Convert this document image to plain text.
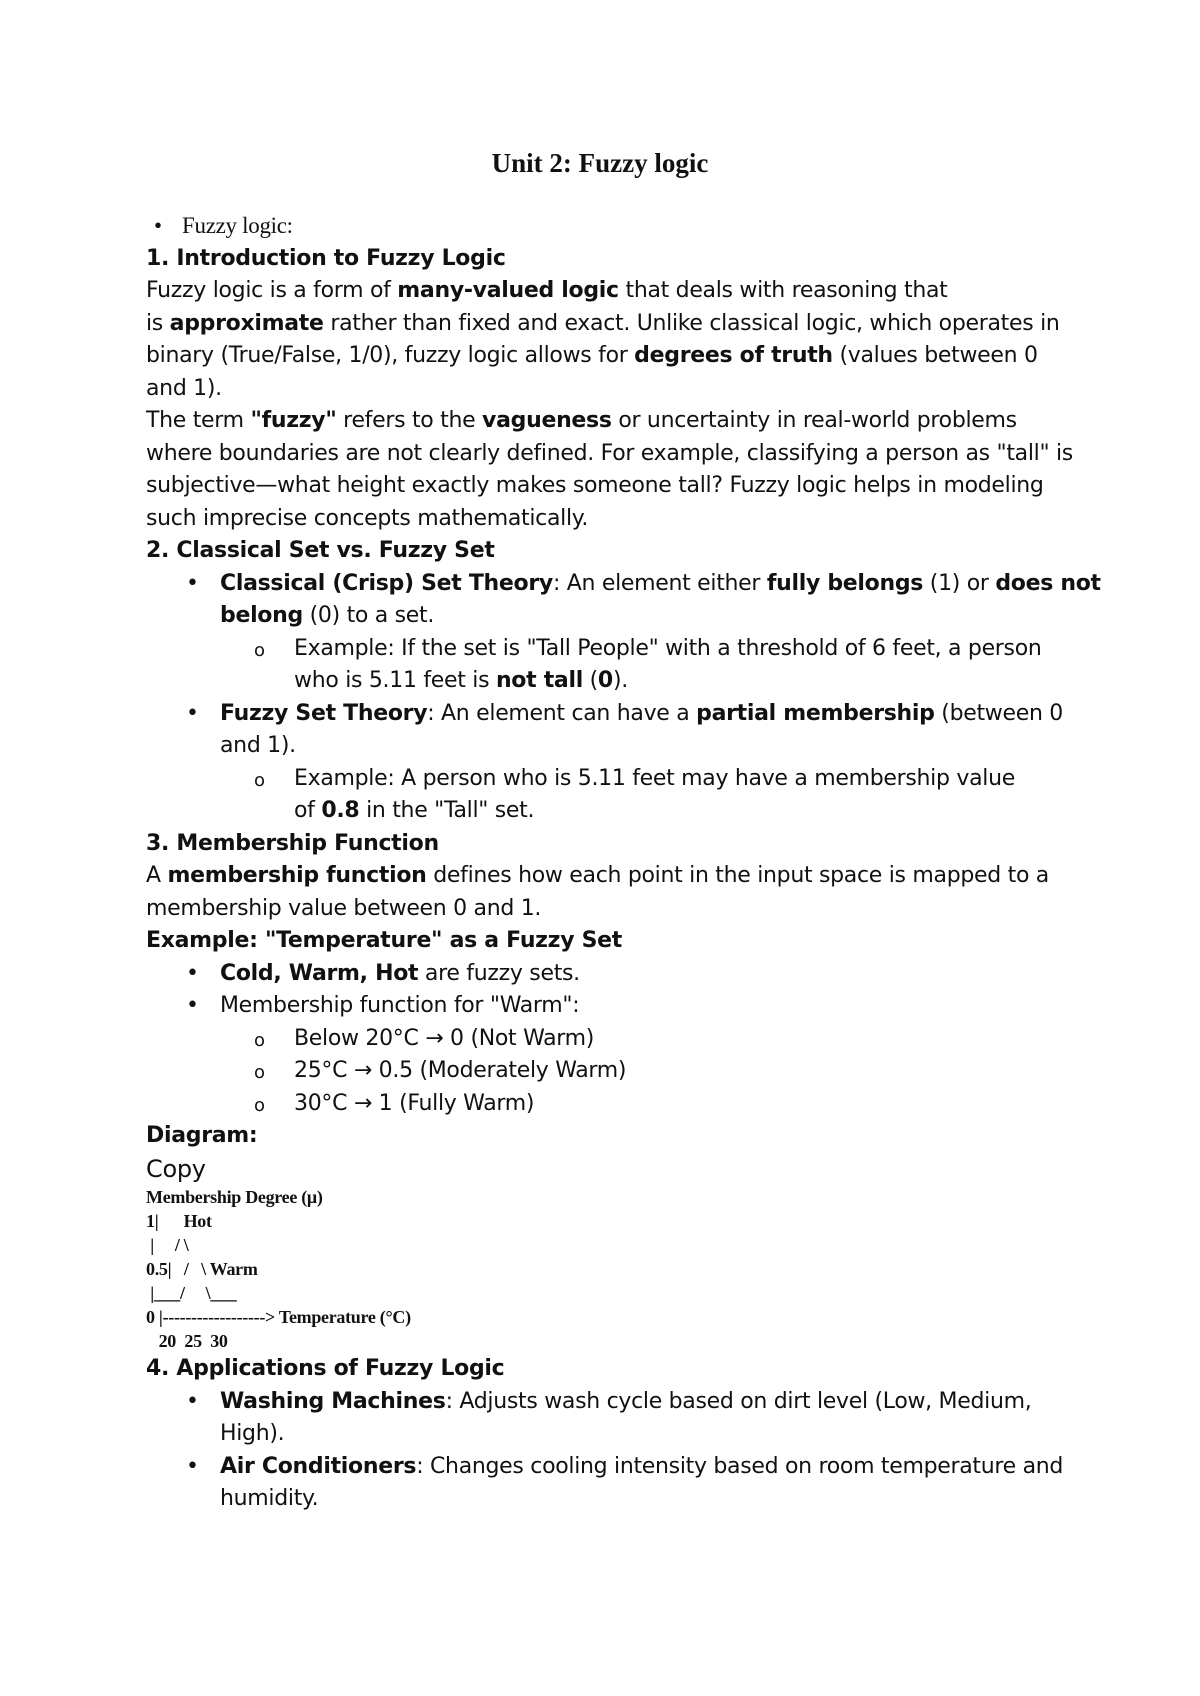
Unit 2: Fuzzy logic
• Fuzzy logic:
1. Introduction to Fuzzy Logic
Fuzzy logic is a form of many-valued logic that deals with reasoning that
is approximate rather than fixed and exact. Unlike classical logic, which operates in
binary (True/False, 1/0), fuzzy logic allows for degrees of truth (values between 0
and 1).
The term "fuzzy" refers to the vagueness or uncertainty in real-world problems
where boundaries are not clearly defined. For example, classifying a person as "tall" is
subjective—what height exactly makes someone tall? Fuzzy logic helps in modeling
such imprecise concepts mathematically.
2. Classical Set vs. Fuzzy Set
• Classical (Crisp) Set Theory: An element either fully belongs (1) or does not
belong (0) to a set.
o Example: If the set is "Tall People" with a threshold of 6 feet, a person
who is 5.11 feet is not tall (0).
• Fuzzy Set Theory: An element can have a partial membership (between 0
and 1).
o Example: A person who is 5.11 feet may have a membership value
of 0.8 in the "Tall" set.
3. Membership Function
A membership function defines how each point in the input space is mapped to a
membership value between 0 and 1.
Example: "Temperature" as a Fuzzy Set
• Cold, Warm, Hot are fuzzy sets.
• Membership function for "Warm":
o Below 20°C → 0 (Not Warm)
o 25°C → 0.5 (Moderately Warm)
o 30°C → 1 (Fully Warm)
Diagram:
Copy
Membership Degree (μ)
1|      Hot
|     / \
0.5|   /   \ Warm
|___/     \___
0 |------------------> Temperature (°C)
20  25  30
4. Applications of Fuzzy Logic
• Washing Machines: Adjusts wash cycle based on dirt level (Low, Medium,
High).
• Air Conditioners: Changes cooling intensity based on room temperature and
humidity.
